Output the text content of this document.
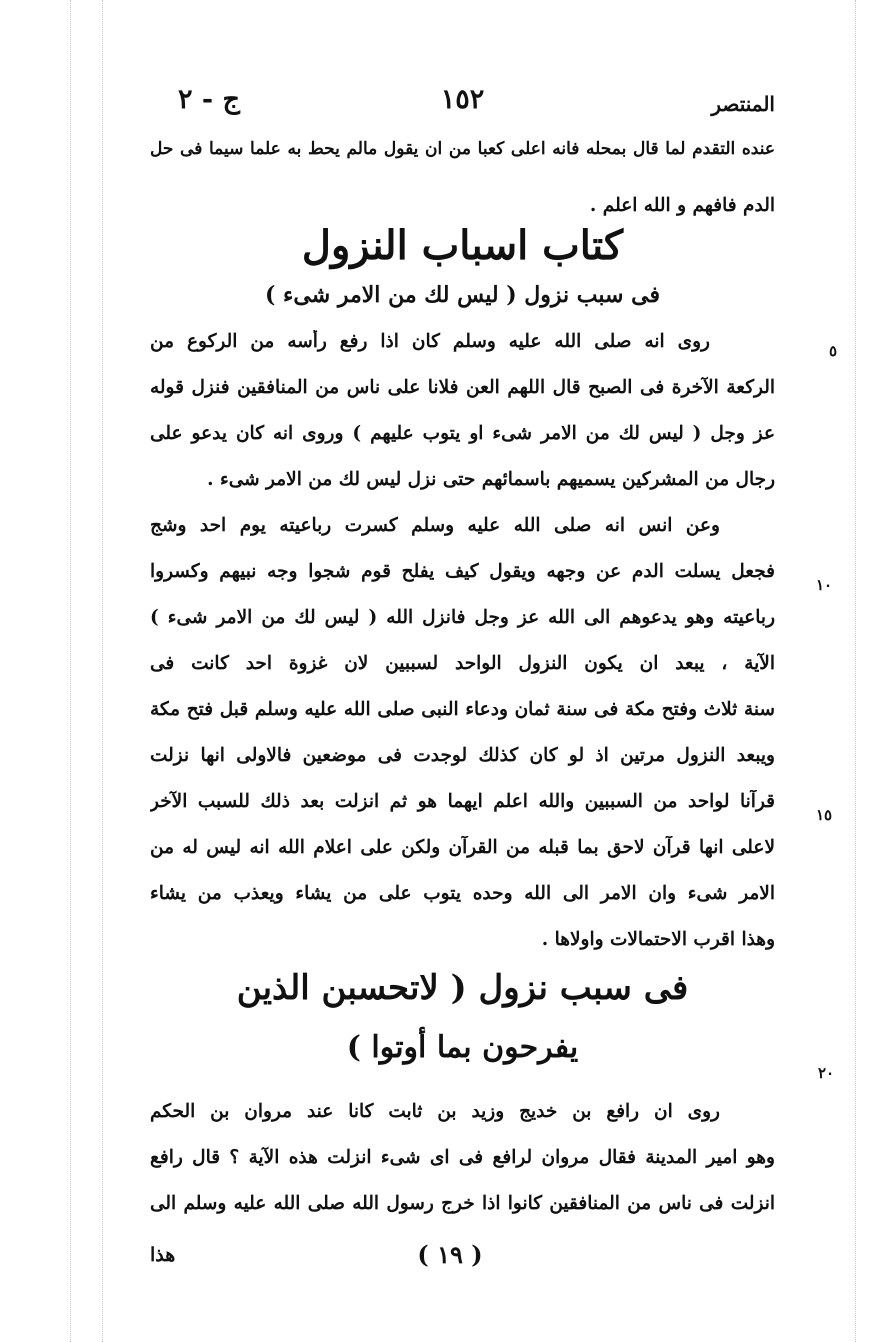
ج - ٢	١٥٢	المنتصر
عنده التقدم لما قال بمحله فانه اعلى كعبا من ان يقول مالم يحط به علما سيما فى حل
الدم فافهم و الله اعلم .
كتاب اسباب النزول
فى سبب نزول ( ليس لك من الامر شىء )
روى انه صلى الله عليه وسلم كان اذا رفع رأسه من الركوع من
الركعة الآخرة فى الصبح قال اللهم العن فلانا على ناس من المنافقين فنزل قوله
عز وجل ( ليس لك من الامر شىء او يتوب عليهم ) وروى انه كان يدعو على
رجال من المشركين يسميهم باسمائهم حتى نزل ليس لك من الامر شىء .
وعن انس انه صلى الله عليه وسلم كسرت رباعيته يوم احد وشج
فجعل يسلت الدم عن وجهه ويقول كيف يفلح قوم شجوا وجه نبيهم وكسروا
رباعيته وهو يدعوهم الى الله عز وجل فانزل الله ( ليس لك من الامر شىء )
الآية ، يبعد ان يكون النزول الواحد لسببين لان غزوة احد كانت فى
سنة ثلاث وفتح مكة فى سنة ثمان ودعاء النبى صلى الله عليه وسلم قبل فتح مكة
ويبعد النزول مرتين اذ لو كان كذلك لوجدت فى موضعين فالاولى انها نزلت
قرآنا لواحد من السببين والله اعلم ايهما هو ثم انزلت بعد ذلك للسبب الآخر
لاعلى انها قرآن لاحق بما قبله من القرآن ولكن على اعلام الله انه ليس له من
الامر شىء وان الامر الى الله وحده يتوب على من يشاء ويعذب من يشاء
وهذا اقرب الاحتمالات واولاها .
فى سبب نزول ( لاتحسبن الذين
يفرحون بما أوتوا )
روى ان رافع بن خديج وزيد بن ثابت كانا عند مروان بن الحكم
وهو امير المدينة فقال مروان لرافع فى اى شىء انزلت هذه الآية ؟ قال رافع
انزلت فى ناس من المنافقين كانوا اذا خرج رسول الله صلى الله عليه وسلم الى
٥
١٠
١٥
٢٠
هذا	( ١٩ )
